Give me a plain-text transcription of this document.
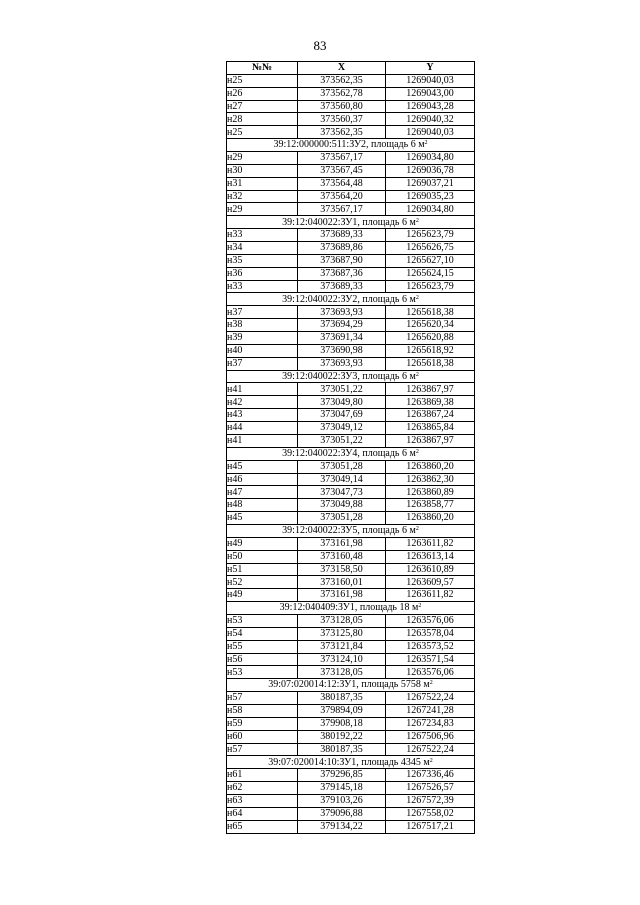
83
№№	X	Y
н25	373562,35	1269040,03
н26	373562,78	1269043,00
н27	373560,80	1269043,28
н28	373560,37	1269040,32
н25	373562,35	1269040,03
39:12:000000:511:ЗУ2, площадь 6 $м^2$
н29	373567,17	1269034,80
н30	373567,45	1269036,78
н31	373564,48	1269037,21
н32	373564,20	1269035,23
н29	373567,17	1269034,80
39:12:040022:ЗУ1, площадь 6 $м^2$
н33	373689,33	1265623,79
н34	373689,86	1265626,75
н35	373687,90	1265627,10
н36	373687,36	1265624,15
н33	373689,33	1265623,79
39:12:040022:ЗУ2, площадь 6 $м^2$
н37	373693,93	1265618,38
н38	373694,29	1265620,34
н39	373691,34	1265620,88
н40	373690,98	1265618,92
н37	373693,93	1265618,38
39:12:040022:ЗУ3, площадь 6 $м^2$
н41	373051,22	1263867,97
н42	373049,80	1263869,38
н43	373047,69	1263867,24
н44	373049,12	1263865,84
н41	373051,22	1263867,97
39:12:040022:ЗУ4, площадь 6 $м^2$
н45	373051,28	1263860,20
н46	373049,14	1263862,30
н47	373047,73	1263860,89
н48	373049,88	1263858,77
н45	373051,28	1263860,20
39:12:040022:ЗУ5, площадь 6 $м^2$
н49	373161,98	1263611,82
н50	373160,48	1263613,14
н51	373158,50	1263610,89
н52	373160,01	1263609,57
н49	373161,98	1263611,82
39:12:040409:ЗУ1, площадь 18 $м^2$
н53	373128,05	1263576,06
н54	373125,80	1263578,04
н55	373121,84	1263573,52
н56	373124,10	1263571,54
н53	373128,05	1263576,06
39:07:020014:12:ЗУ1, площадь 5758 $м^2$
н57	380187,35	1267522,24
н58	379894,09	1267241,28
н59	379908,18	1267234,83
н60	380192,22	1267506,96
н57	380187,35	1267522,24
39:07:020014:10:ЗУ1, площадь 4345 $м^2$
н61	379296,85	1267336,46
н62	379145,18	1267526,57
н63	379103,26	1267572,39
н64	379096,88	1267558,02
н65	379134,22	1267517,21
